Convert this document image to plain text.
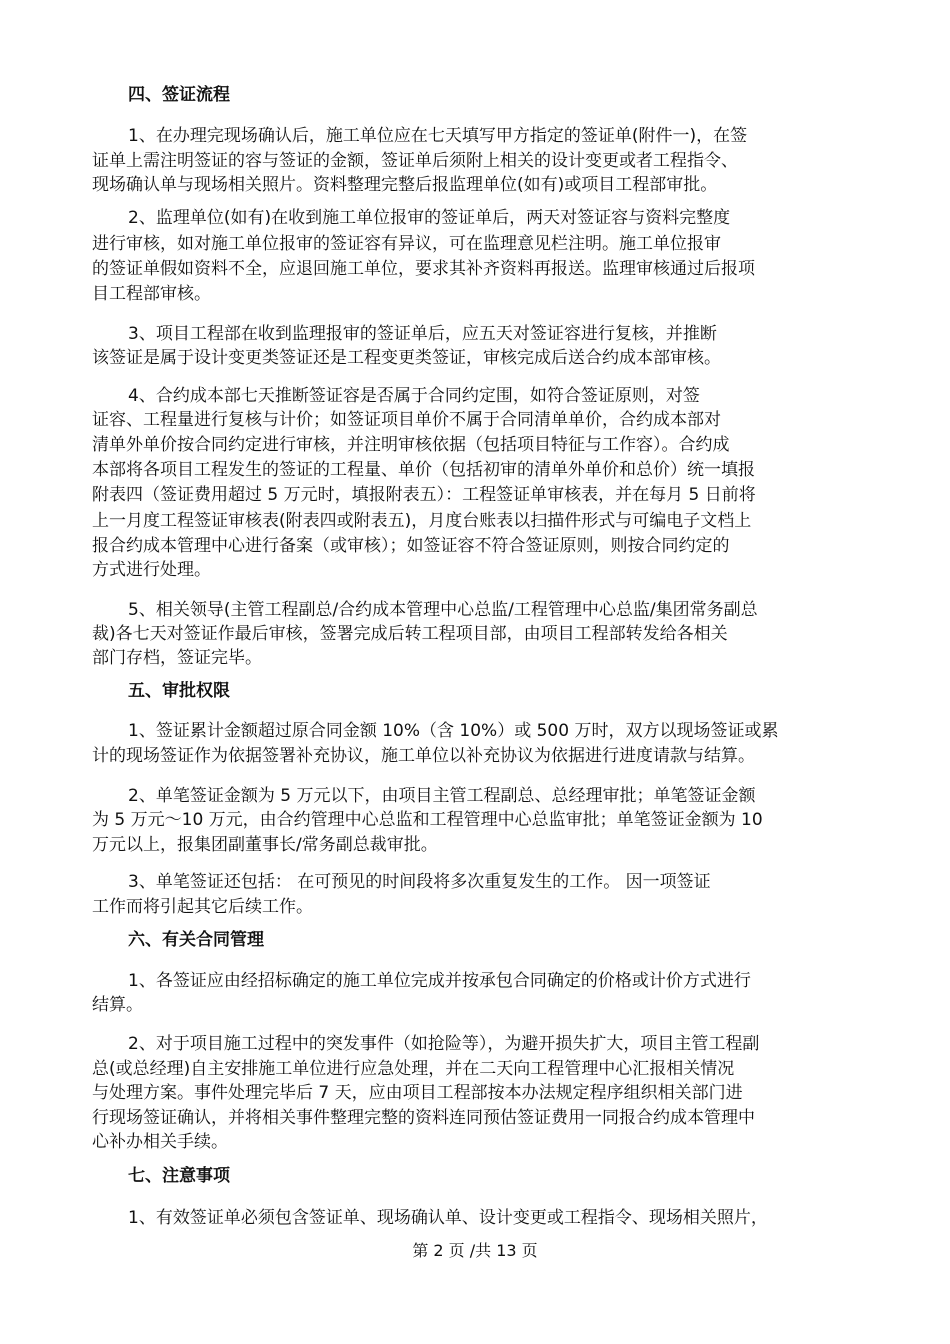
四、签证流程
1、在办理完现场确认后，施工单位应在七天填写甲方指定的签证单(附件一)，在签
证单上需注明签证的容与签证的金额，签证单后须附上相关的设计变更或者工程指令、
现场确认单与现场相关照片。资料整理完整后报监理单位(如有)或项目工程部审批。
2、监理单位(如有)在收到施工单位报审的签证单后，两天对签证容与资料完整度
进行审核，如对施工单位报审的签证容有异议，可在监理意见栏注明。施工单位报审
的签证单假如资料不全，应退回施工单位，要求其补齐资料再报送。监理审核通过后报项
目工程部审核。
3、项目工程部在收到监理报审的签证单后，应五天对签证容进行复核，并推断
该签证是属于设计变更类签证还是工程变更类签证，审核完成后送合约成本部审核。
4、合约成本部七天推断签证容是否属于合同约定围，如符合签证原则，对签
证容、工程量进行复核与计价；如签证项目单价不属于合同清单单价，合约成本部对
清单外单价按合同约定进行审核，并注明审核依据（包括项目特征与工作容）。合约成
本部将各项目工程发生的签证的工程量、单价（包括初审的清单外单价和总价）统一填报
附表四（签证费用超过 5 万元时，填报附表五）：工程签证单审核表，并在每月 5 日前将
上一月度工程签证审核表(附表四或附表五)，月度台账表以扫描件形式与可编电子文档上
报合约成本管理中心进行备案（或审核）；如签证容不符合签证原则，则按合同约定的
方式进行处理。
5、相关领导(主管工程副总/合约成本管理中心总监/工程管理中心总监/集团常务副总
裁)各七天对签证作最后审核，签署完成后转工程项目部，由项目工程部转发给各相关
部门存档，签证完毕。
五、审批权限
1、签证累计金额超过原合同金额 10%（含 10%）或 500 万时，双方以现场签证或累
计的现场签证作为依据签署补充协议，施工单位以补充协议为依据进行进度请款与结算。
2、单笔签证金额为 5 万元以下，由项目主管工程副总、总经理审批；单笔签证金额
为 5 万元～10 万元，由合约管理中心总监和工程管理中心总监审批；单笔签证金额为 10
万元以上，报集团副董事长/常务副总裁审批。
3、单笔签证还包括： 在可预见的时间段将多次重复发生的工作。 因一项签证
工作而将引起其它后续工作。
六、有关合同管理
1、各签证应由经招标确定的施工单位完成并按承包合同确定的价格或计价方式进行
结算。
2、对于项目施工过程中的突发事件（如抢险等），为避开损失扩大，项目主管工程副
总(或总经理)自主安排施工单位进行应急处理，并在二天向工程管理中心汇报相关情况
与处理方案。事件处理完毕后 7 天，应由项目工程部按本办法规定程序组织相关部门进
行现场签证确认，并将相关事件整理完整的资料连同预估签证费用一同报合约成本管理中
心补办相关手续。
七、注意事项
1、有效签证单必须包含签证单、现场确认单、设计变更或工程指令、现场相关照片，
第 2 页 /共 13 页
